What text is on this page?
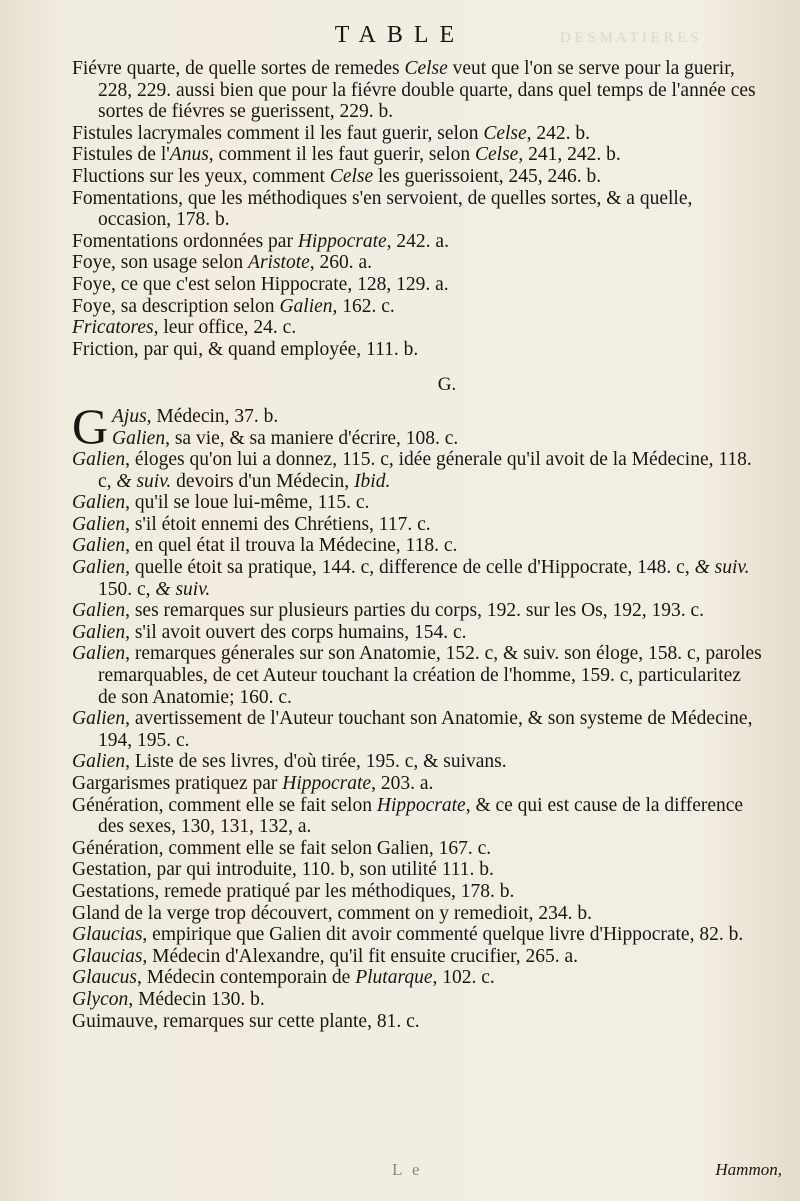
D E S M A T I E R E S
TABLE

Fiévre quarte, de quelle sortes de remedes Celse veut que l'on se serve pour la guerir, 228, 229. aussi bien que pour la fiévre double quarte, dans quel temps de l'année ces sortes de fiévres se guerissent, 229. b.

Fistules lacrymales comment il les faut guerir, selon Celse, 242. b.

Fistules de l'Anus, comment il les faut guerir, selon Celse, 241, 242. b.

Fluctions sur les yeux, comment Celse les guerissoient, 245, 246. b.

Fomentations, que les méthodiques s'en servoient, de quelles sortes, & a quelle, occasion, 178. b.

Fomentations ordonnées par Hippocrate, 242. a.

Foye, son usage selon Aristote, 260. a.

Foye, ce que c'est selon Hippocrate, 128, 129. a.

Foye, sa description selon Galien, 162. c.

Fricatores, leur office, 24. c.

Friction, par qui, & quand employée, 111. b.

G.

G Ajus, Médecin, 37. b.

Galien, sa vie, & sa maniere d'écrire, 108. c.

Galien, éloges qu'on lui a donnez, 115. c, idée génerale qu'il avoit de la Médecine, 118. c, & suiv. devoirs d'un Médecin, Ibid.

Galien, qu'il se loue lui-même, 115. c.

Galien, s'il étoit ennemi des Chrétiens, 117. c.

Galien, en quel état il trouva la Médecine, 118. c.

Galien, quelle étoit sa pratique, 144. c, difference de celle d'Hippocrate, 148. c, & suiv. 150. c, & suiv.

Galien, ses remarques sur plusieurs parties du corps, 192. sur les Os, 192, 193. c.

Galien, s'il avoit ouvert des corps humains, 154. c.

Galien, remarques génerales sur son Anatomie, 152. c, & suiv. son éloge, 158. c, paroles remarquables, de cet Auteur touchant la création de l'homme, 159. c, particularitez de son Anatomie; 160. c.

Galien, avertissement de l'Auteur touchant son Anatomie, & son systeme de Médecine, 194, 195. c.

Galien, Liste de ses livres, d'où tirée, 195. c, & suivans.

Gargarismes pratiquez par Hippocrate, 203. a.

Génération, comment elle se fait selon Hippocrate, & ce qui est cause de la difference des sexes, 130, 131, 132, a.

Génération, comment elle se fait selon Galien, 167. c.

Gestation, par qui introduite, 110. b, son utilité 111. b.

Gestations, remede pratiqué par les méthodiques, 178. b.

Gland de la verge trop découvert, comment on y remedioit, 234. b.

Glaucias, empirique que Galien dit avoir commenté quelque livre d'Hippocrate, 82. b.

Glaucias, Médecin d'Alexandre, qu'il fit ensuite crucifier, 265. a.

Glaucus, Médecin contemporain de Plutarque, 102. c.

Glycon, Médecin 130. b.

Guimauve, remarques sur cette plante, 81. c.

L e	Hammon,
